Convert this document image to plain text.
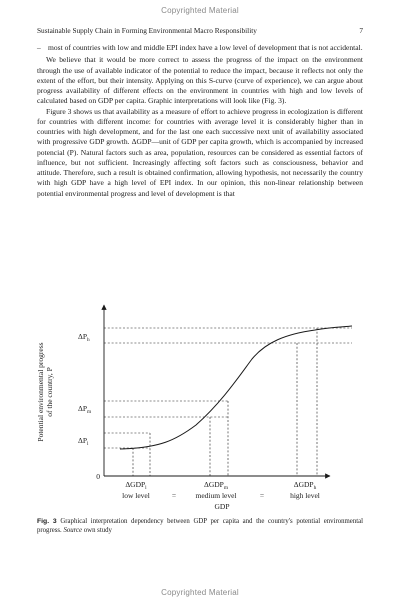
Copyrighted Material
Sustainable Supply Chain in Forming Environmental Macro Responsibility	7
– most of countries with low and middle EPI index have a low level of development that is not accidental.

We believe that it would be more correct to assess the progress of the impact on the environment through the use of available indicator of the potential to reduce the impact, because it reflects not only the extent of the effort, but their intensity. Applying on this S-curve (curve of experience), we can argue about progress availability of different effects on the environment in countries with high and low levels of calculated based on GDP per capita. Graphic interpretations will look like (Fig. 3).

Figure 3 shows us that availability as a measure of effort to achieve progress in ecologization is different for countries with different income: for countries with average level it is considerably higher than in countries with high development, and for the last one each successive next unit of availability associated with progressive GDP growth. ΔGDP—unit of GDP per capita growth, which is accompanied by increased potencial (P). Natural factors such as area, population, resources can be considered as essential factors of influence, but not sufficient. Increasingly affecting soft factors such as consciousness, behavior and attitude. Therefore, such a result is obtained confirmation, allowing hypothesis, not necessarily the country with high GDP have a high level of EPI index. In our opinion, this non-linear relationship between potential environmental progress and level of development is that

Potential environmental progress of the country, P
0
$\Delta P_h$
$\Delta P_m$
$\Delta P_l$
$\Delta GDP_l$	$\Delta GDP_m$	$\Delta GDP_h$
low level	=	medium level	=	high level
GDP
Fig. 3 Graphical interpretation dependency between GDP per capita and the country's potential environmental progress. Source own study
Copyrighted Material
